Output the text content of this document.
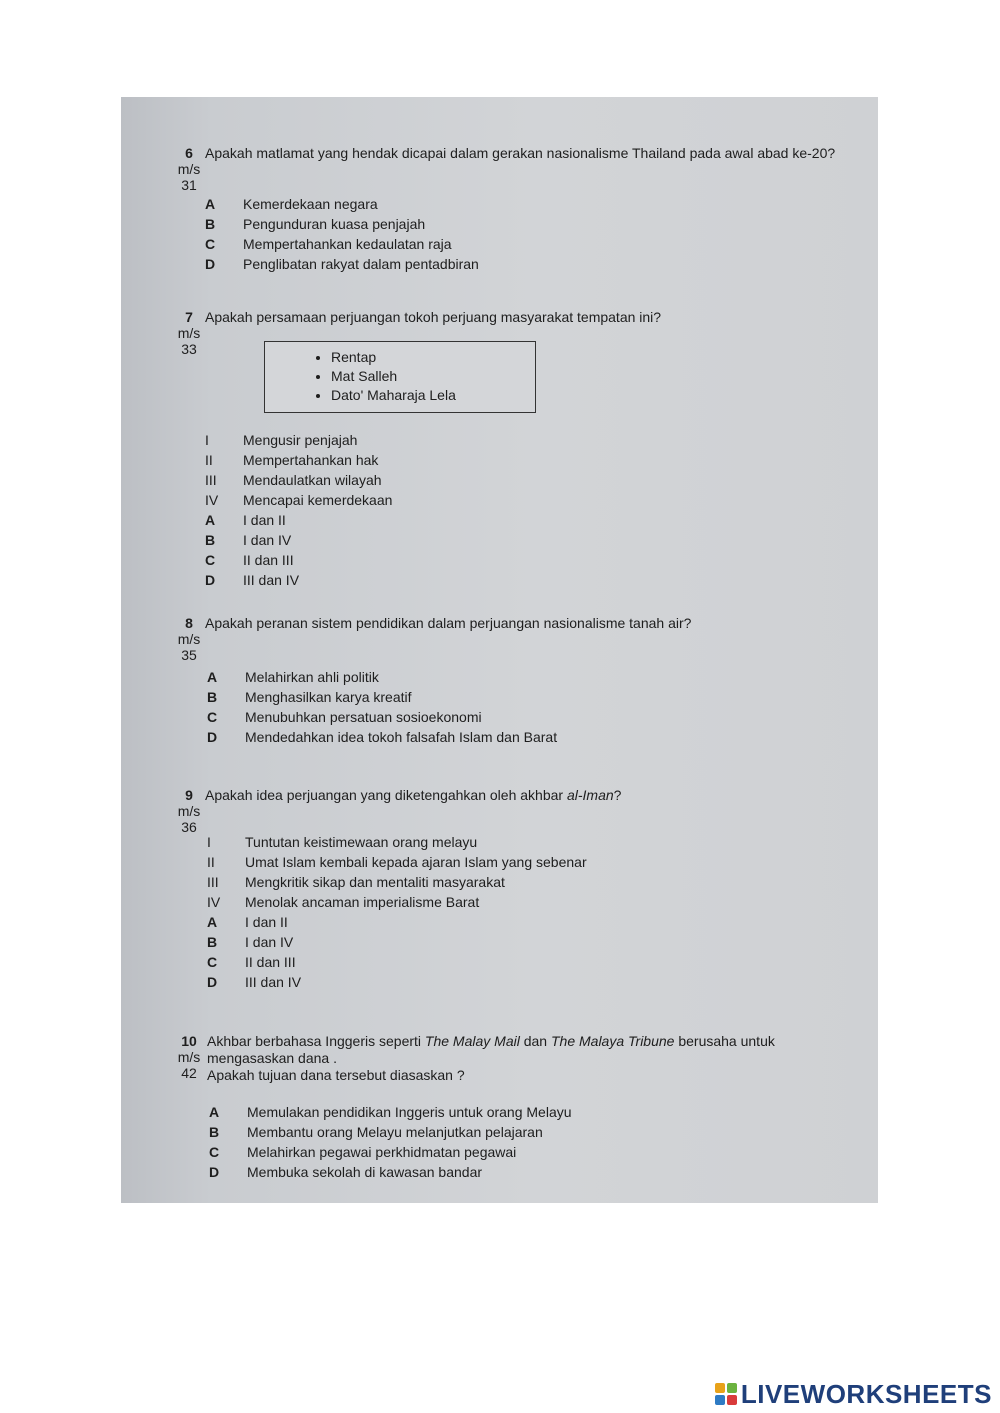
6
m/s
31
Apakah matlamat yang hendak dicapai dalam gerakan nasionalisme Thailand pada awal abad ke-20?
A Kemerdekaan negara
B Pengunduran kuasa penjajah
C Mempertahankan kedaulatan raja
D Penglibatan rakyat dalam pentadbiran
7
m/s
33
Apakah persamaan perjuangan tokoh perjuang masyarakat tempatan ini?
• Rentap
• Mat Salleh
• Dato' Maharaja Lela
I Mengusir penjajah
II Mempertahankan hak
III Mendaulatkan wilayah
IV Mencapai kemerdekaan
A I dan II
B I dan IV
C II dan III
D III dan IV
8
m/s
35
Apakah peranan sistem pendidikan dalam perjuangan nasionalisme tanah air?
A Melahirkan ahli politik
B Menghasilkan karya kreatif
C Menubuhkan persatuan sosioekonomi
D Mendedahkan idea tokoh falsafah Islam dan Barat
9
m/s
36
Apakah idea perjuangan yang diketengahkan oleh akhbar al-Iman?
I Tuntutan keistimewaan orang melayu
II Umat Islam kembali kepada ajaran Islam yang sebenar
III Mengkritik sikap dan mentaliti masyarakat
IV Menolak ancaman imperialisme Barat
A I dan II
B I dan IV
C II dan III
D III dan IV
10
m/s
42
Akhbar berbahasa Inggeris seperti The Malay Mail dan The Malaya Tribune berusaha untuk mengasaskan dana .
Apakah tujuan dana tersebut diasaskan ?
A Memulakan pendidikan Inggeris untuk orang Melayu
B Membantu orang Melayu melanjutkan pelajaran
C Melahirkan pegawai perkhidmatan pegawai
D Membuka sekolah di kawasan bandar
LIVEWORKSHEETS
